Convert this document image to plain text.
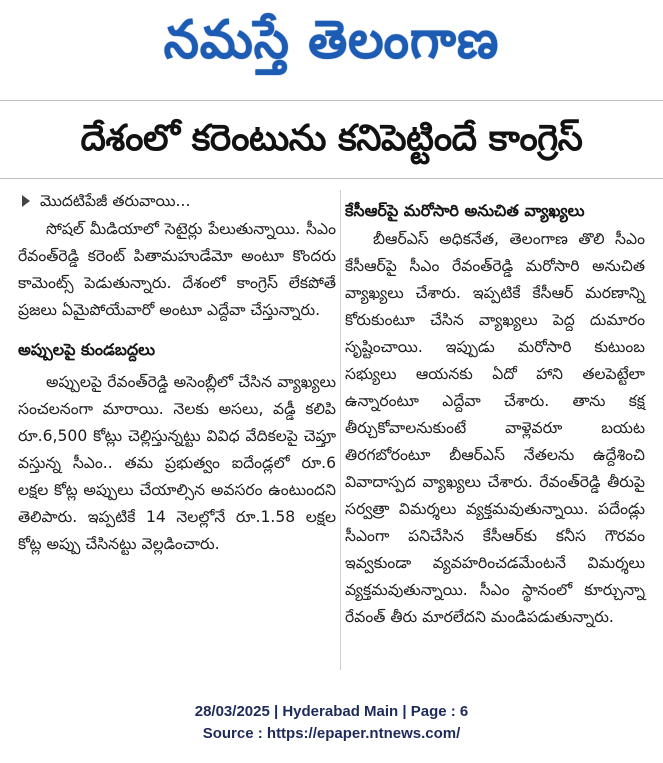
నమస్తే తెలంగాణ
దేశంలో కరెంటును కనిపెట్టిందే కాంగ్రెస్
మొదటిపేజీ తరువాయి...

సోషల్ మీడియాలో సెటైర్లు పేలుతున్నాయి. సీఎం రేవంత్‌రెడ్డి కరెంట్ పితామహుడేమో అంటూ కొందరు కామెంట్స్ పెడుతున్నారు. దేశంలో కాంగ్రెస్ లేకపోతే ప్రజలు ఏమైపోయేవారో అంటూ ఎద్దేవా చేస్తున్నారు.

అప్పులపై కుండబద్దలు

అప్పులపై రేవంత్‌రెడ్డి అసెంబ్లీలో చేసిన వ్యాఖ్యలు సంచలనంగా మారాయి. నెలకు అసలు, వడ్డీ కలిపి రూ.6,500 కోట్లు చెల్లిస్తున్నట్టు వివిధ వేదికలపై చెప్తూ వస్తున్న సీఎం.. తమ ప్రభుత్వం ఐదేండ్లలో రూ.6 లక్షల కోట్ల అప్పులు చేయాల్సిన అవసరం ఉంటుందని తెలిపారు. ఇప్పటికే 14 నెలల్లోనే రూ.1.58 లక్షల కోట్ల అప్పు చేసినట్టు వెల్లడించారు.

కేసీఆర్‌పై మరోసారి అనుచిత వ్యాఖ్యలు

బీఆర్‌ఎస్ అధికనేత, తెలంగాణ తొలి సీఎం కేసీఆర్‌పై సీఎం రేవంత్‌రెడ్డి మరోసారి అనుచిత వ్యాఖ్యలు చేశారు. ఇప్పటికే కేసీఆర్ మరణాన్ని కోరుకుంటూ చేసిన వ్యాఖ్యలు పెద్ద దుమారం సృష్టించాయి. ఇప్పుడు మరోసారి కుటుంబ సభ్యులు ఆయనకు ఏదో హాని తలపెట్టేలా ఉన్నారంటూ ఎద్దేవా చేశారు. తాను కక్ష తీర్చుకోవాలనుకుంటే వాళ్లెవరూ బయట తిరగబోరంటూ బీఆర్‌ఎస్ నేతలను ఉద్దేశించి వివాదాస్పద వ్యాఖ్యలు చేశారు. రేవంత్‌రెడ్డి తీరుపై సర్వత్రా విమర్శలు వ్యక్తమవుతున్నాయి. పదేండ్లు సీఎంగా పనిచేసిన కేసీఆర్‌కు కనీస గౌరవం ఇవ్వకుండా వ్యవహరించడమేంటనే విమర్శలు వ్యక్తమవుతున్నాయి. సీఎం స్థానంలో కూర్చున్నా రేవంత్ తీరు మారలేదని మండిపడుతున్నారు.

28/03/2025 | Hyderabad Main | Page : 6
Source : https://epaper.ntnews.com/
